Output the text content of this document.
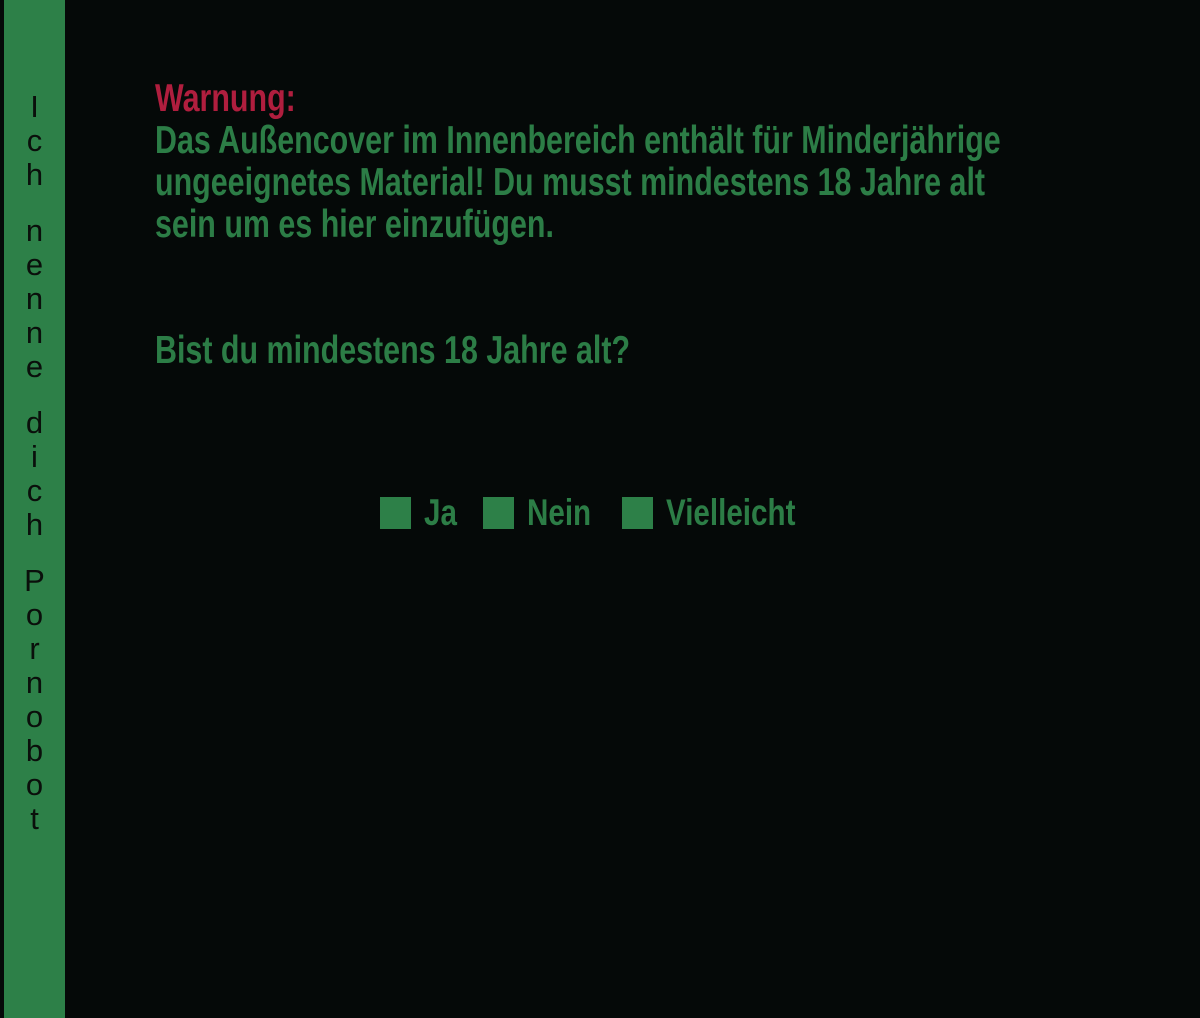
I
c
h
n
e
n
n
e
d
i
c
h
P
o
r
n
o
b
o
t
Warnung:
Das Außencover im Innenbereich enthält für Minderjährige
ungeeignetes Material! Du musst mindestens 18 Jahre alt
sein um es hier einzufügen.
Bist du mindestens 18 Jahre alt?
Ja Nein Vielleicht
